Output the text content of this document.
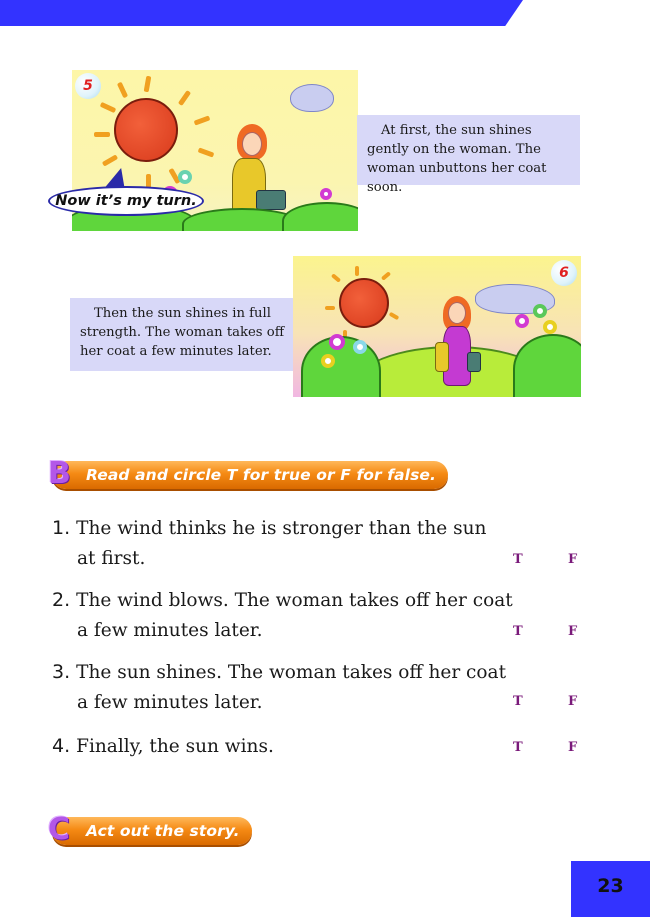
5
Now it’s my turn.

At first, the sun shines gently on the woman. The woman unbuttons her coat soon.

Then the sun shines in full strength. The woman takes off her coat a few minutes later.

6
B Read and circle T for true or F for false.
1. The wind thinks he is stronger than the sun
at first.	T	F
2. The wind blows. The woman takes off her coat
a few minutes later.	T	F
3. The sun shines. The woman takes off her coat
a few minutes later.	T	F
4. Finally, the sun wins.	T	F
C Act out the story.
23
